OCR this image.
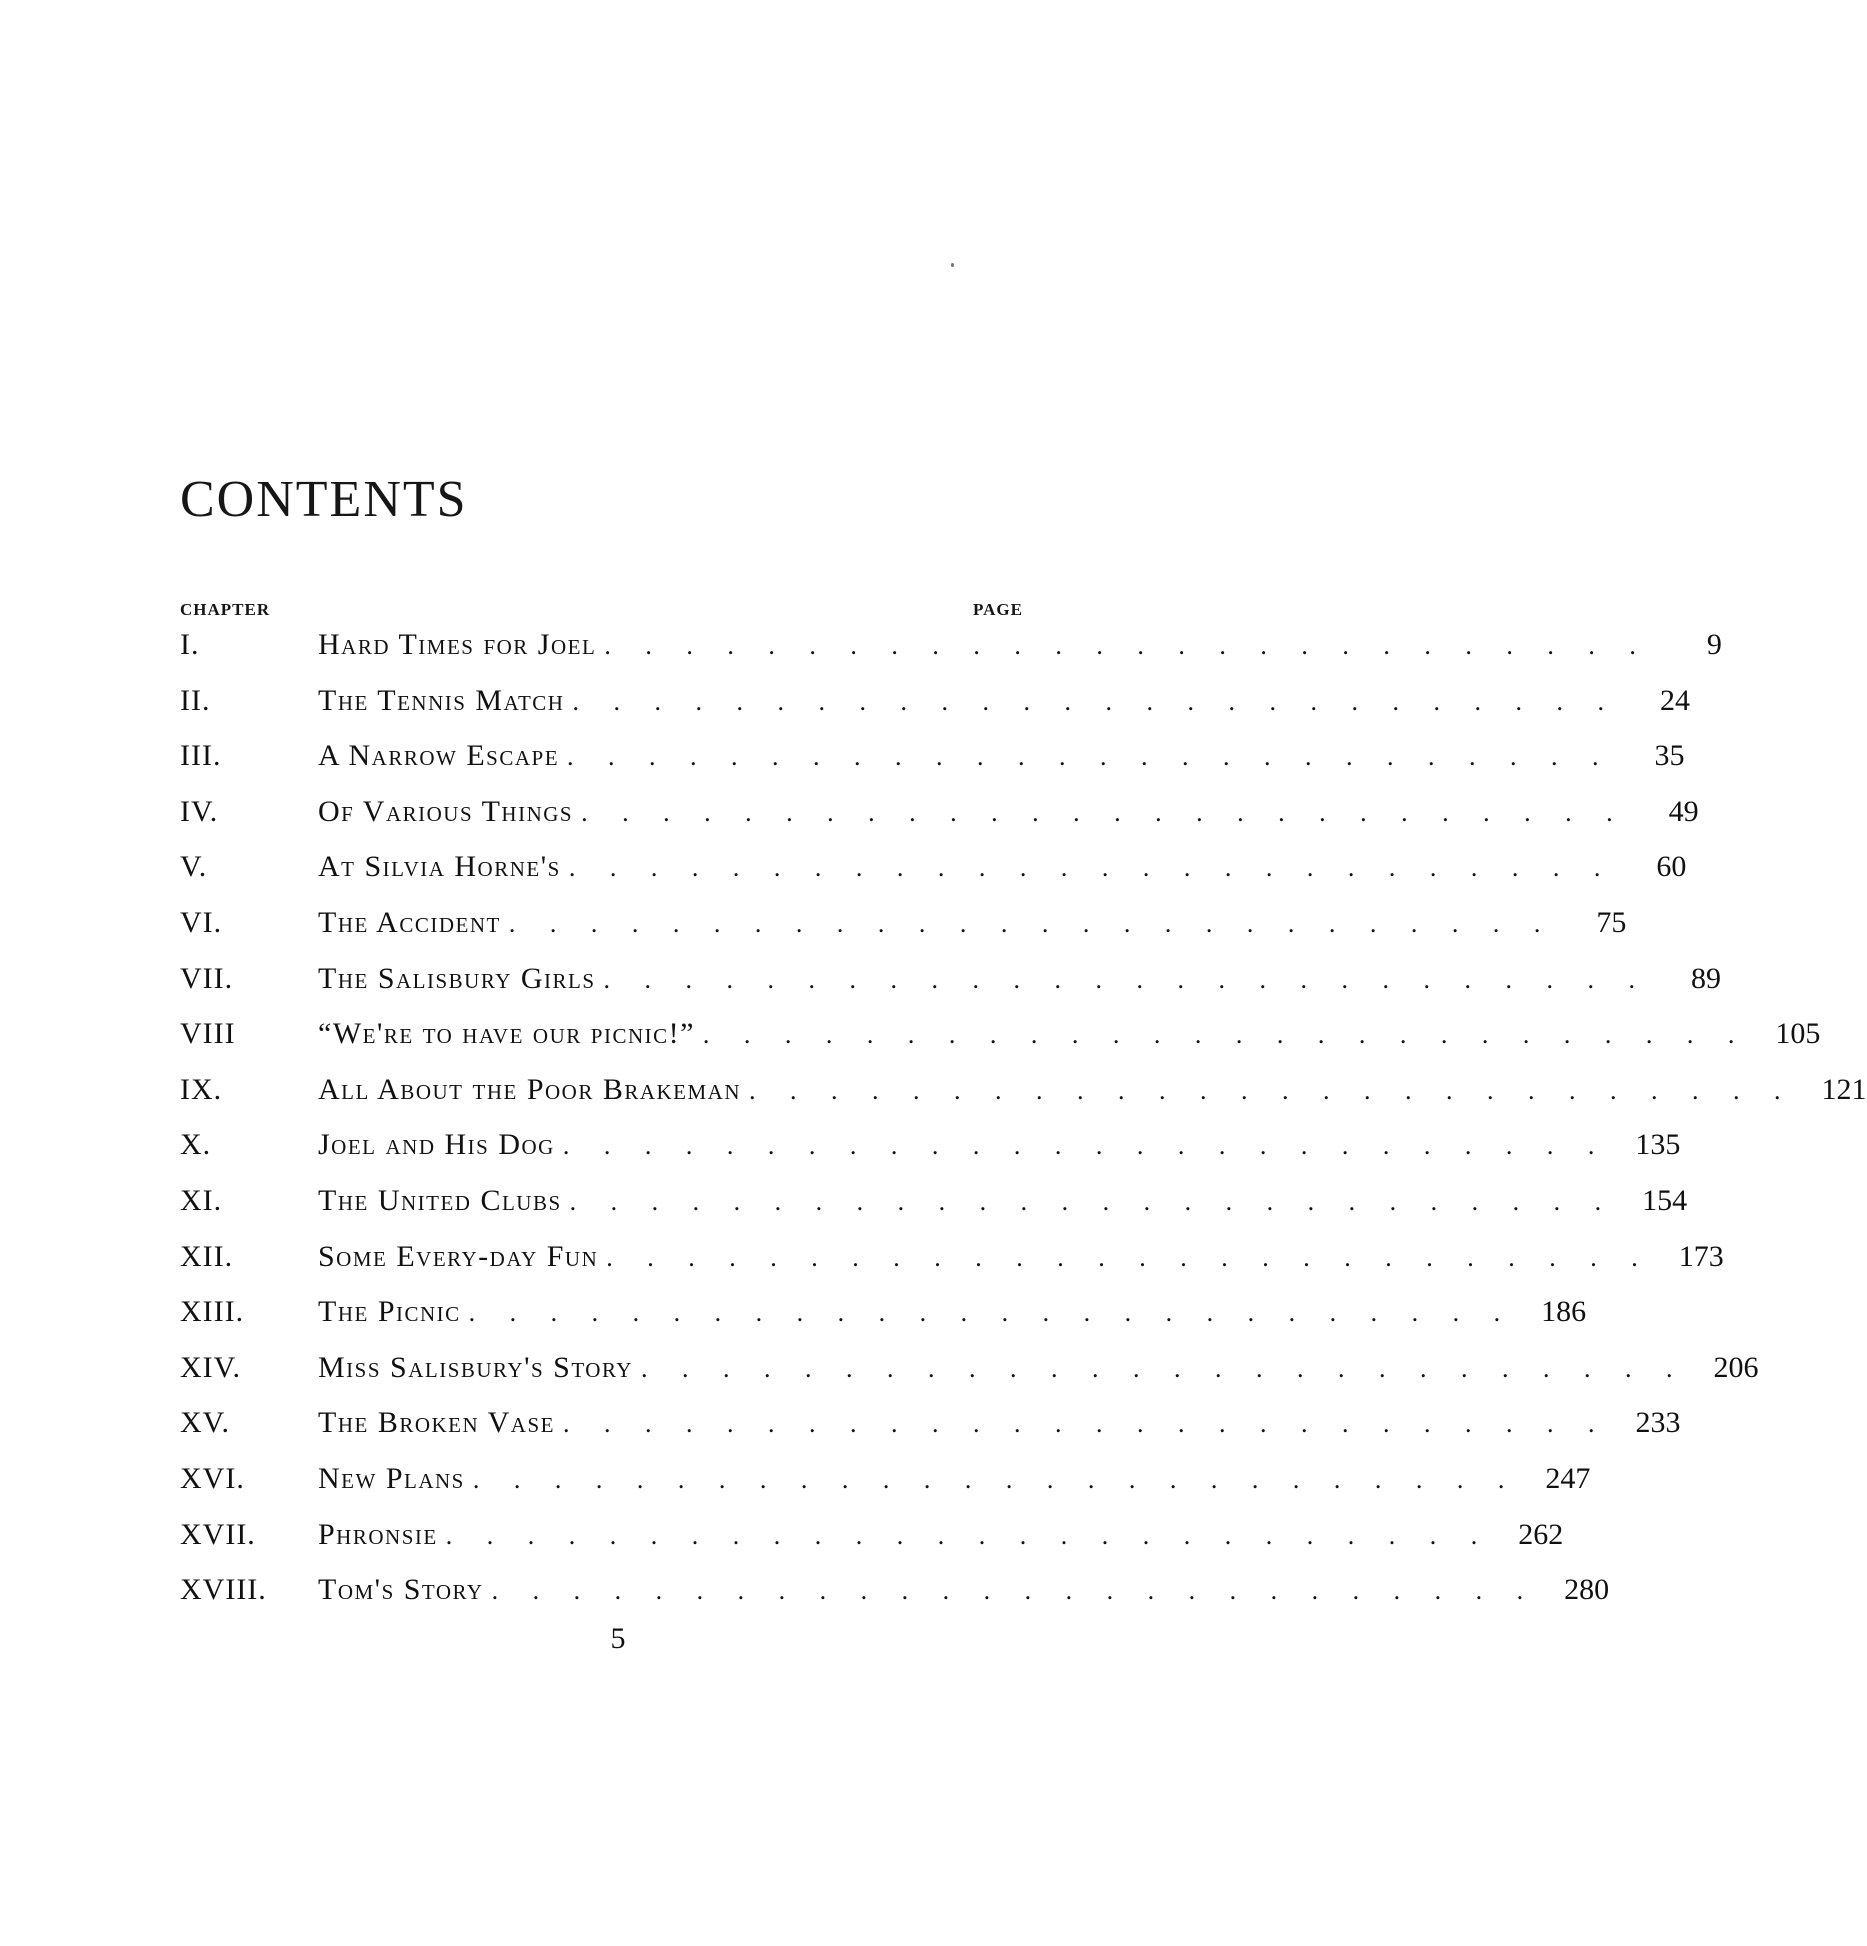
CONTENTS
CHAPTER	PAGE
I.	Hard Times for Joel . . . . . . . . . . . . . . . . . . . . . . . . . .	9
II.	The Tennis Match . . . . . . . . . . . . . . . . . . . . . . . . . .	24
III.	A Narrow Escape . . . . . . . . . . . . . . . . . . . . . . . . . .	35
IV.	Of Various Things . . . . . . . . . . . . . . . . . . . . . . . . . .	49
V.	At Silvia Horne's . . . . . . . . . . . . . . . . . . . . . . . . . .	60
VI.	The Accident . . . . . . . . . . . . . . . . . . . . . . . . . .	75
VII.	The Salisbury Girls . . . . . . . . . . . . . . . . . . . . . . . . . .	89
VIII	“We're to have our picnic!” . . . . . . . . . . . . . . . . . . . . . . . . . . 105
IX.	All About the Poor Brakeman . . . . . . . . . . . . . . . . . . . . . . . . . . 121
X.	Joel and His Dog . . . . . . . . . . . . . . . . . . . . . . . . . . 135
XI.	The United Clubs . . . . . . . . . . . . . . . . . . . . . . . . . . 154
XII.	Some Every-day Fun . . . . . . . . . . . . . . . . . . . . . . . . . . 173
XIII.	The Picnic . . . . . . . . . . . . . . . . . . . . . . . . . . 186
XIV.	Miss Salisbury's Story . . . . . . . . . . . . . . . . . . . . . . . . . . 206
XV.	The Broken Vase . . . . . . . . . . . . . . . . . . . . . . . . . . 233
XVI.	New Plans . . . . . . . . . . . . . . . . . . . . . . . . . . 247
XVII.	Phronsie . . . . . . . . . . . . . . . . . . . . . . . . . . 262
XVIII.	Tom's Story . . . . . . . . . . . . . . . . . . . . . . . . . . 280
5
